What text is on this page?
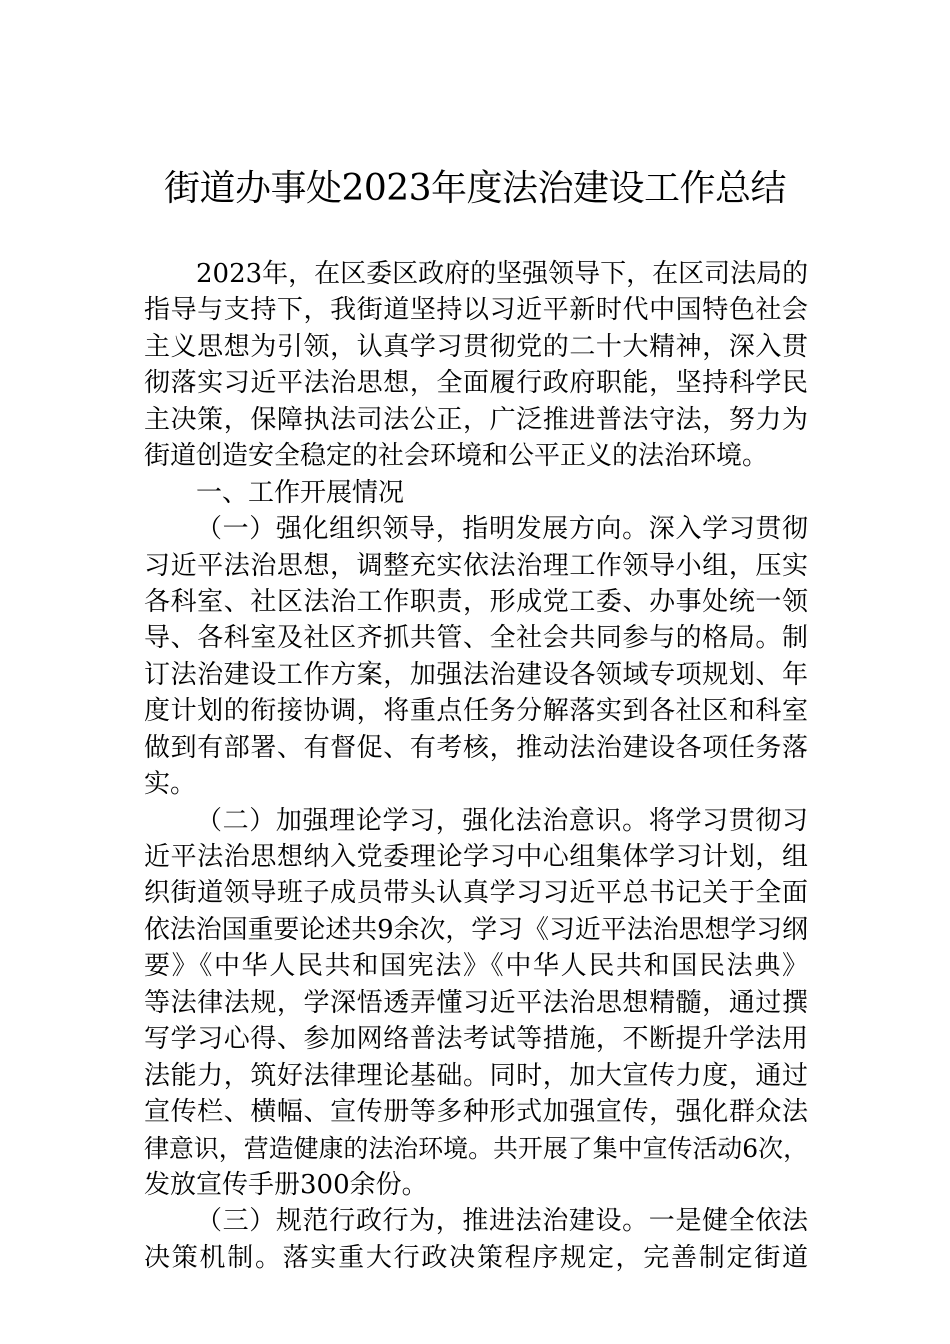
街道办事处2023年度法治建设工作总结
2023年，在区委区政府的坚强领导下，在区司法局的
指导与支持下，我街道坚持以习近平新时代中国特色社会
主义思想为引领，认真学习贯彻党的二十大精神，深入贯
彻落实习近平法治思想，全面履行政府职能，坚持科学民
主决策，保障执法司法公正，广泛推进普法守法，努力为
街道创造安全稳定的社会环境和公平正义的法治环境。
一、工作开展情况
（一）强化组织领导，指明发展方向。深入学习贯彻
习近平法治思想，调整充实依法治理工作领导小组，压实
各科室、社区法治工作职责，形成党工委、办事处统一领
导、各科室及社区齐抓共管、全社会共同参与的格局。制
订法治建设工作方案，加强法治建设各领域专项规划、年
度计划的衔接协调，将重点任务分解落实到各社区和科室
做到有部署、有督促、有考核，推动法治建设各项任务落
实。
（二）加强理论学习，强化法治意识。将学习贯彻习
近平法治思想纳入党委理论学习中心组集体学习计划，组
织街道领导班子成员带头认真学习习近平总书记关于全面
依法治国重要论述共9余次，学习《习近平法治思想学习纲
要》《中华人民共和国宪法》《中华人民共和国民法典》
等法律法规，学深悟透弄懂习近平法治思想精髓，通过撰
写学习心得、参加网络普法考试等措施，不断提升学法用
法能力，筑好法律理论基础。同时，加大宣传力度，通过
宣传栏、横幅、宣传册等多种形式加强宣传，强化群众法
律意识，营造健康的法治环境。共开展了集中宣传活动6次，
发放宣传手册300余份。
（三）规范行政行为，推进法治建设。一是健全依法
决策机制。落实重大行政决策程序规定，完善制定街道
